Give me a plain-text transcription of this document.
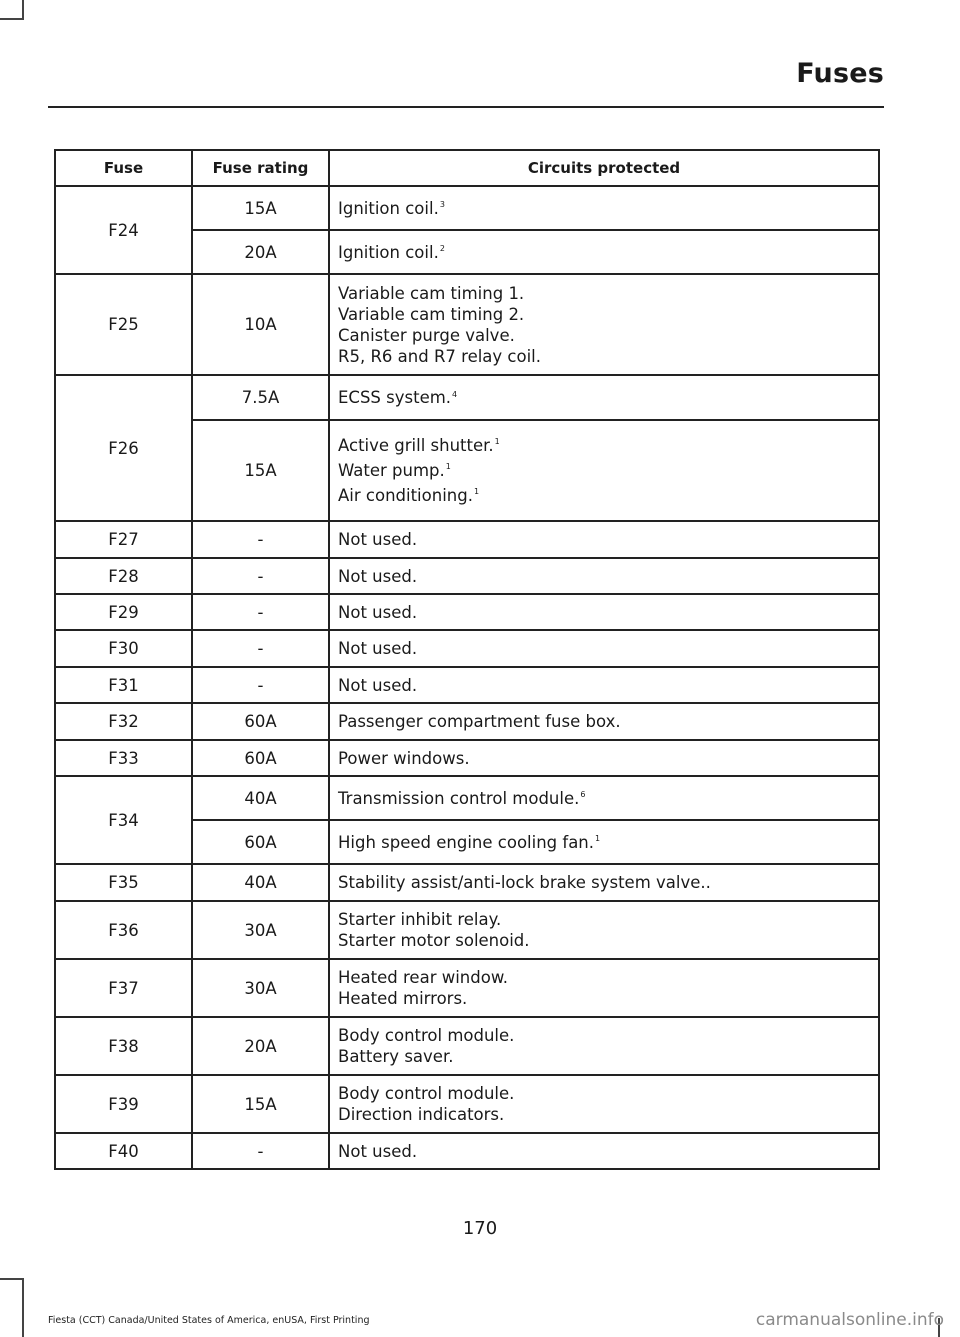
Fuses
Fuse	Fuse rating	Circuits protected
F24	15A	Ignition coil.$^3$

	20A	Ignition coil.$^2$

F25	10A	Variable cam timing 1.
Variable cam timing 2.
Canister purge valve.
R5, R6 and R7 relay coil.

F26	7.5A	ECSS system.$^4$

	15A	Active grill shutter.$^1$
Water pump.$^1$
Air conditioning.$^1$

F27	-	Not used.

F28	-	Not used.

F29	-	Not used.

F30	-	Not used.

F31	-	Not used.

F32	60A	Passenger compartment fuse box.

F33	60A	Power windows.

F34	40A	Transmission control module.$^6$

	60A	High speed engine cooling fan.$^1$

F35	40A	Stability assist/anti-lock brake system valve..

F36	30A	Starter inhibit relay.
Starter motor solenoid.

F37	30A	Heated rear window.
Heated mirrors.

F38	20A	Body control module.
Battery saver.

F39	15A	Body control module.
Direction indicators.

F40	-	Not used.
170
Fiesta (CCT) Canada/United States of America, enUSA, First Printing	carmanualsonline.info
